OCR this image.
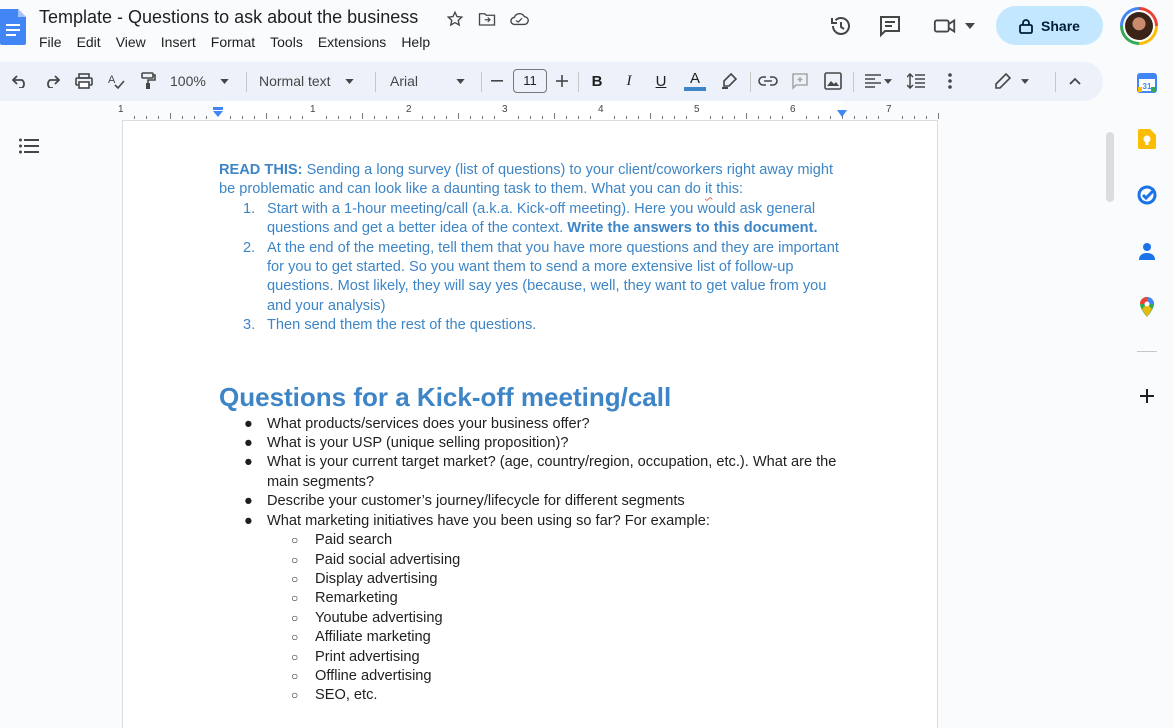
Template - Questions to ask about the business
File Edit View Insert Format Tools Extensions Help
Share
A	100%	Normal text	Arial	B	I	U	A
11
1	1	2	3	4	5	6	7
READ THIS: Sending a long survey (list of questions) to your client/coworkers right away might be problematic and can look like a daunting task to them. What you can do it this:
1. Start with a 1-hour meeting/call (a.k.a. Kick-off meeting). Here you would ask general questions and get a better idea of the context. Write the answers to this document.
2. At the end of the meeting, tell them that you have more questions and they are important for you to get started. So you want them to send a more extensive list of follow-up questions. Most likely, they will say yes (because, well, they want to get value from you and your analysis)
3. Then send them the rest of the questions.
Questions for a Kick-off meeting/call
● What products/services does your business offer?
● What is your USP (unique selling proposition)?
● What is your current target market? (age, country/region, occupation, etc.). What are the main segments?
● Describe your customer’s journey/lifecycle for different segments
● What marketing initiatives have you been using so far? For example:
○ Paid search
○ Paid social advertising
○ Display advertising
○ Remarketing
○ Youtube advertising
○ Affiliate marketing
○ Print advertising
○ Offline advertising
○ SEO, etc.
31
